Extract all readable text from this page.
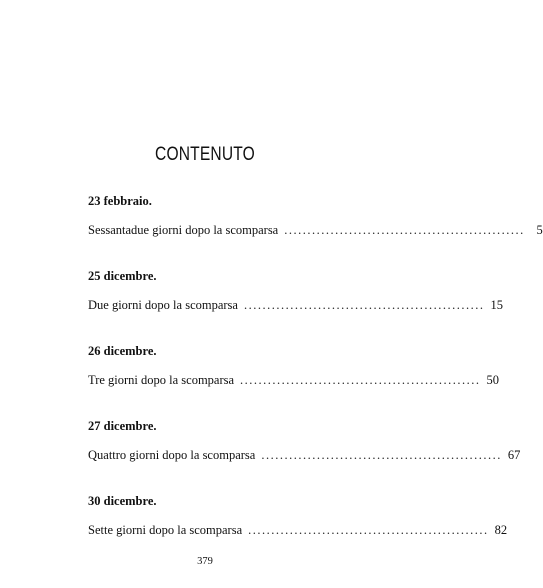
CONTENUTO

23 febbraio.

Sessantadue giorni dopo la scomparsa .................................................... 5

25 dicembre.

Due giorni dopo la scomparsa .................................................... 15

26 dicembre.

Tre giorni dopo la scomparsa .................................................... 50

27 dicembre.

Quattro giorni dopo la scomparsa .................................................... 67

30 dicembre.

Sette giorni dopo la scomparsa .................................................... 82
379
